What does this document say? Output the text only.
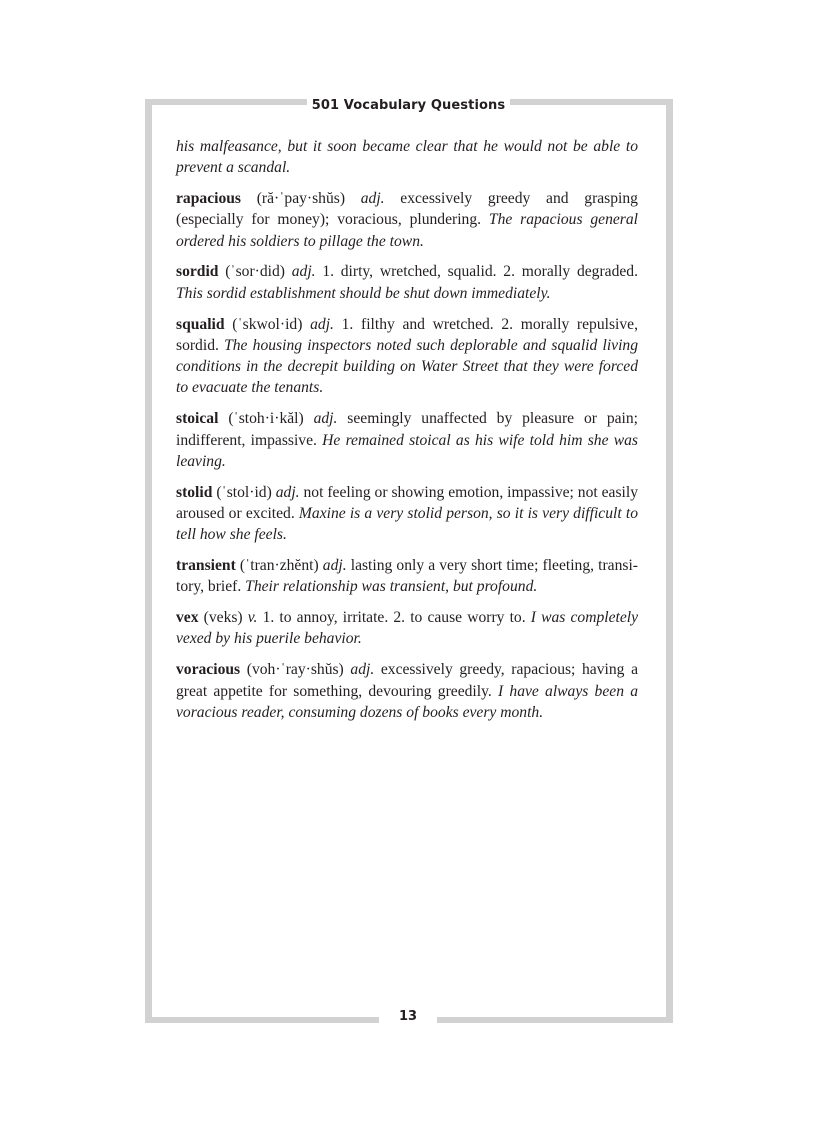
501 Vocabulary Questions

his malfeasance, but it soon became clear that he would not be able to prevent a scandal.

rapacious (ră·ˈpay·shŭs) adj. excessively greedy and grasping (especially for money); voracious, plundering. The rapacious general ordered his soldiers to pillage the town.

sordid (ˈsor·did) adj. 1. dirty, wretched, squalid. 2. morally degraded. This sordid establishment should be shut down immediately.

squalid (ˈskwol·id) adj. 1. filthy and wretched. 2. morally repulsive, sordid. The housing inspectors noted such deplorable and squalid living conditions in the decrepit building on Water Street that they were forced to evacuate the tenants.

stoical (ˈstoh·i·kăl) adj. seemingly unaffected by pleasure or pain; indifferent, impassive. He remained stoical as his wife told him she was leaving.

stolid (ˈstol·id) adj. not feeling or showing emotion, impassive; not easily aroused or excited. Maxine is a very stolid person, so it is very difficult to tell how she feels.

transient (ˈtran·zhĕnt) adj. lasting only a very short time; fleeting, transitory, brief. Their relationship was transient, but profound.

vex (veks) v. 1. to annoy, irritate. 2. to cause worry to. I was completely vexed by his puerile behavior.

voracious (voh·ˈray·shŭs) adj. excessively greedy, rapacious; having a great appetite for something, devouring greedily. I have always been a voracious reader, consuming dozens of books every month.

13
